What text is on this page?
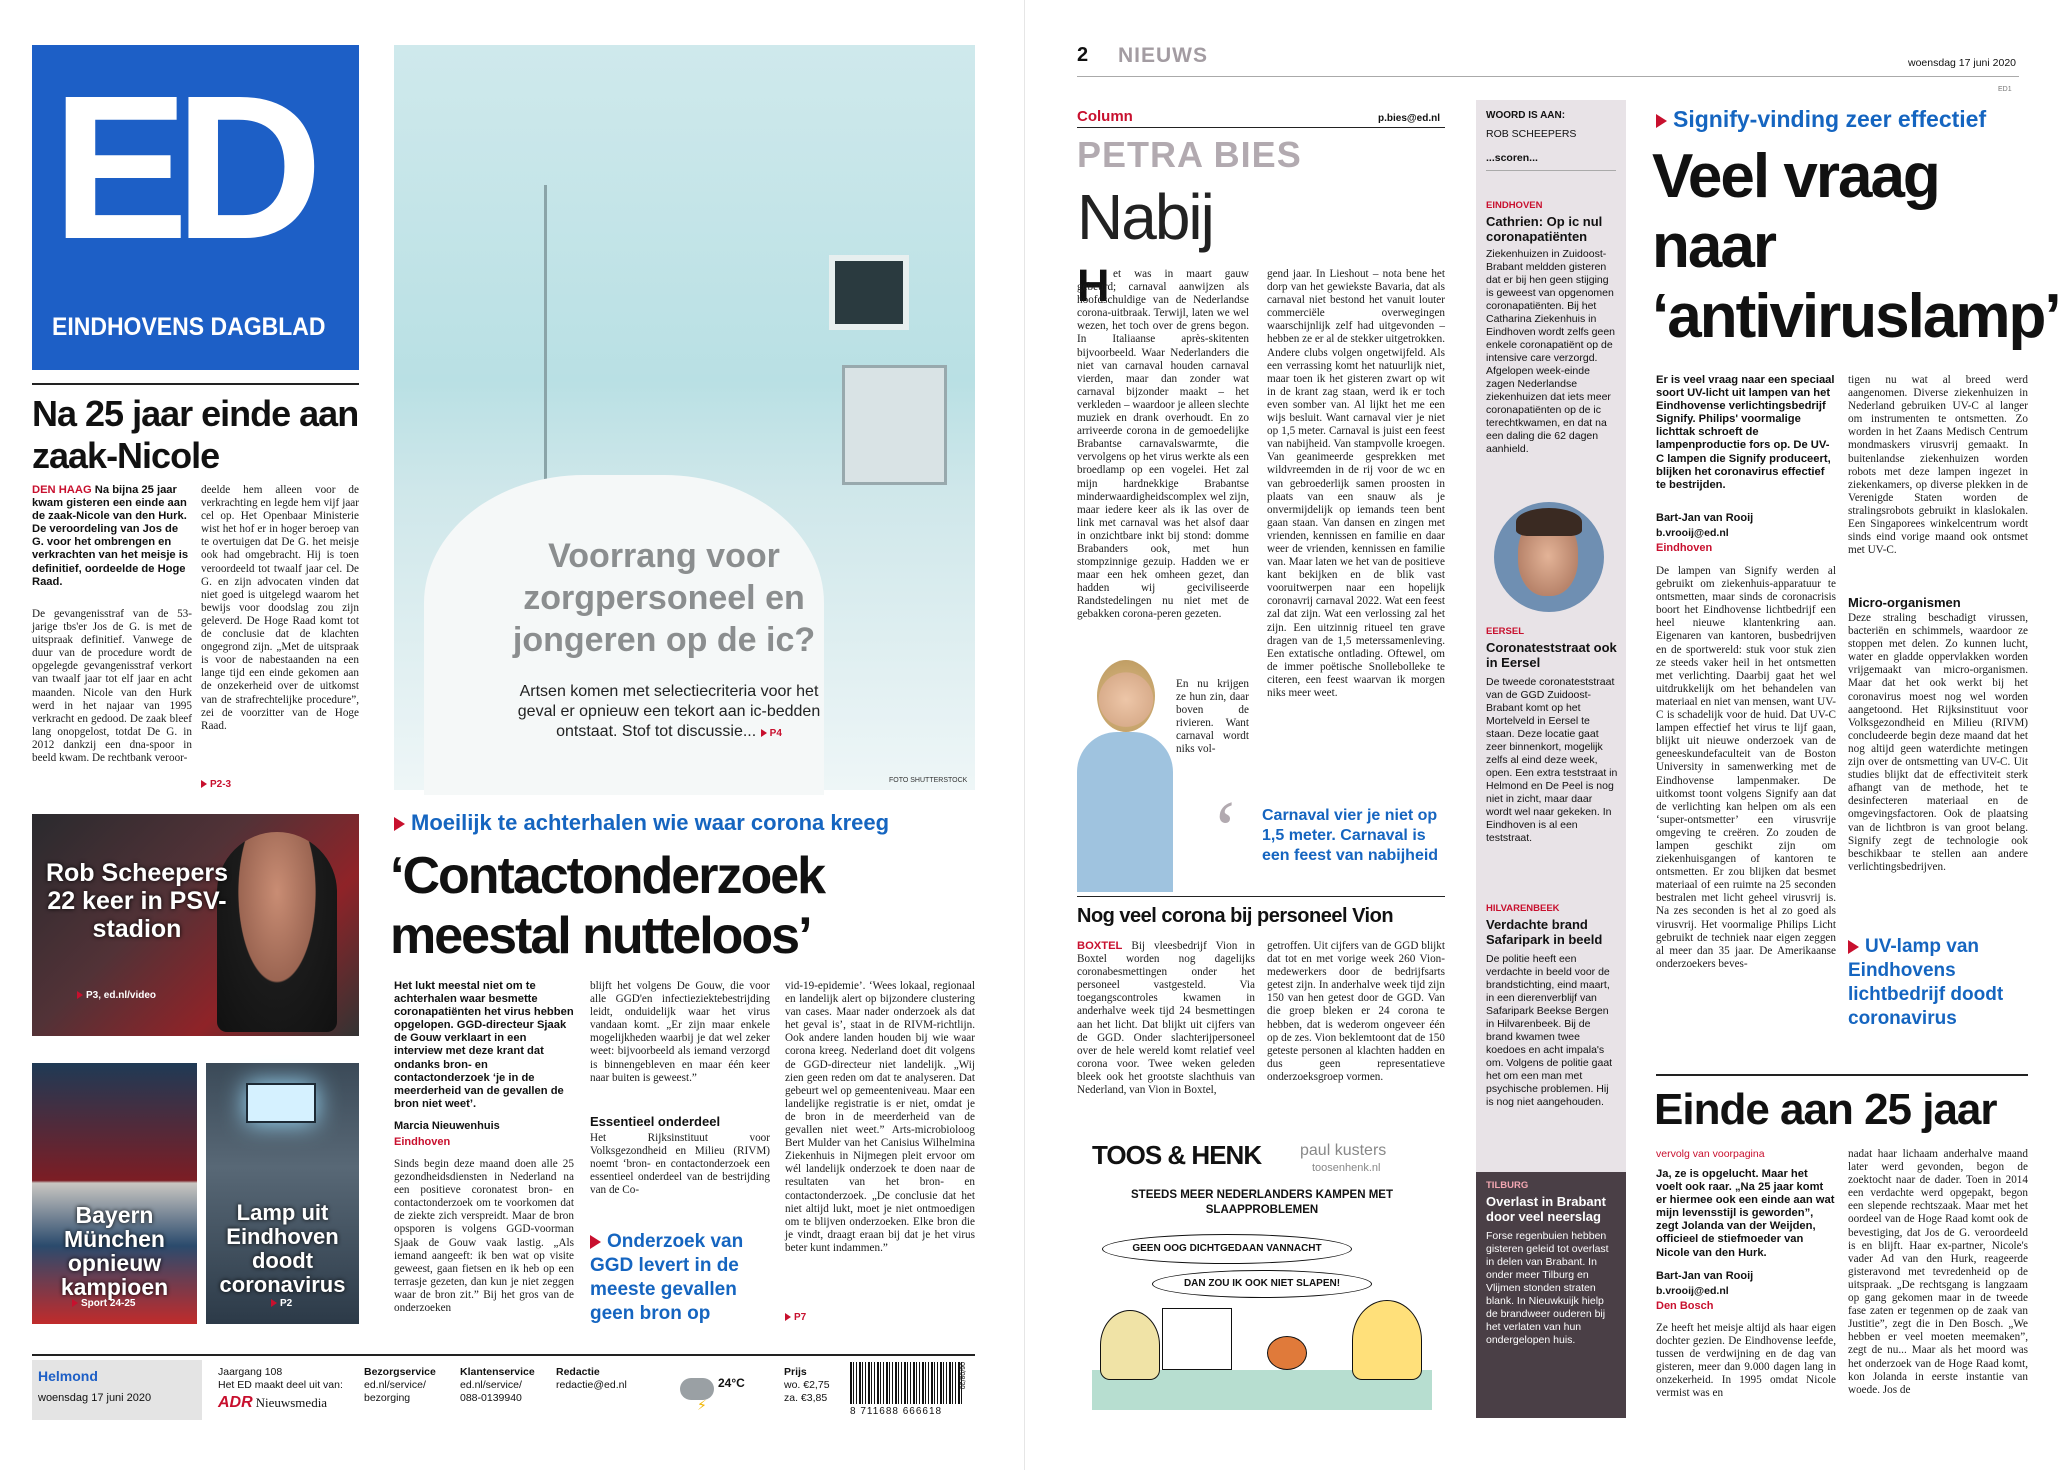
ED
EINDHOVENS DAGBLAD
Na 25 jaar einde aan zaak-Nicole
DEN HAAG Na bijna 25 jaar kwam gisteren een einde aan de zaak-Nicole van den Hurk. De veroordeling van Jos de G. voor het ombrengen en verkrachten van het meisje is definitief, oordeelde de Hoge Raad.
De gevangenisstraf van de 53-jarige tbs'er Jos de G. is met de uitspraak definitief. Vanwege de duur van de procedure wordt de opgelegde gevangenisstraf verkort van twaalf jaar tot elf jaar en acht maanden. Nicole van den Hurk werd in het najaar van 1995 verkracht en gedood. De zaak bleef lang onopgelost, totdat De G. in 2012 dankzij een dna-spoor in beeld kwam. De rechtbank veroor-
deelde hem alleen voor de verkrachting en legde hem vijf jaar cel op. Het Openbaar Ministerie wist het hof er in hoger beroep van te overtuigen dat De G. het meisje ook had omgebracht. Hij is toen veroordeeld tot twaalf jaar cel. De G. en zijn advocaten vinden dat niet goed is uitgelegd waarom het bewijs voor doodslag zou zijn geleverd. De Hoge Raad komt tot de conclusie dat de klachten ongegrond zijn. „Met de uitspraak is voor de nabestaanden na een lange tijd een einde gekomen aan de onzekerheid over de uitkomst van de strafrechtelijke procedure”, zei de voorzitter van de Hoge Raad.
P2-3
Rob Scheepers 22 keer in PSV-stadion
P3, ed.nl/video
Bayern München opnieuw kampioen
Sport 24-25
Lamp uit Eindhoven doodt coronavirus
P2
Voorrang voor zorgpersoneel en jongeren op de ic?
Artsen komen met selectiecriteria voor het geval er opnieuw een tekort aan ic-bedden ontstaat. Stof tot discussie... P4
FOTO SHUTTERSTOCK
Moeilijk te achterhalen wie waar corona kreeg
‘Contactonderzoek meestal nutteloos’
Het lukt meestal niet om te achterhalen waar besmette coronapatiënten het virus hebben opgelopen. GGD-directeur Sjaak de Gouw verklaart in een interview met deze krant dat ondanks bron- en contactonderzoek ‘je in de meerderheid van de gevallen de bron niet weet’.
Marcia Nieuwenhuis
Eindhoven
Sinds begin deze maand doen alle 25 gezondheidsdiensten in Nederland na een positieve coronatest bron- en contactonderzoek om te voorkomen dat de ziekte zich verspreidt. Maar de bron opsporen is volgens GGD-voorman Sjaak de Gouw vaak lastig. „Als iemand aangeeft: ik ben wat op visite geweest, gaan fietsen en ik heb op een terrasje gezeten, dan kun je niet zeggen waar de bron zit.” Bij het gros van de onderzoeken
blijft het volgens De Gouw, die voor alle GGD'en infectieziektebestrijding leidt, onduidelijk waar het virus vandaan komt. „Er zijn maar enkele mogelijkheden waarbij je dat wel zeker weet: bijvoorbeeld als iemand verzorgd is binnengebleven en maar één keer naar buiten is geweest.”
Essentieel onderdeel
Het Rijksinstituut voor Volksgezondheid en Milieu (RIVM) noemt ‘bron- en contactonderzoek een essentieel onderdeel van de bestrijding van de Co-
Onderzoek van GGD levert in de meeste gevallen geen bron op
vid-19-epidemie’. ‘Wees lokaal, regionaal en landelijk alert op bijzondere clustering van cases. Maar nader onderzoek als dat het geval is’, staat in de RIVM-richtlijn. Ook andere landen houden bij wie waar corona kreeg. Nederland doet dit volgens de GGD-directeur niet landelijk. „Wij zien geen reden om dat te analyseren. Dat gebeurt wel op gemeenteniveau. Maar een landelijke registratie is er niet, omdat je de bron in de meerderheid van de gevallen niet weet.” Arts-microbioloog Bert Mulder van het Canisius Wilhelmina Ziekenhuis in Nijmegen pleit ervoor om wél landelijk onderzoek te doen naar de resultaten van het bron- en contactonderzoek. „De conclusie dat het niet altijd lukt, moet je niet ontmoedigen om te blijven onderzoeken. Elke bron die je vindt, draagt eraan bij dat je het virus beter kunt indammen.”
P7
Helmond
woensdag 17 juni 2020
Jaargang 108
Het ED maakt deel uit van:
ADR Nieuwsmedia
Bezorgservice
ed.nl/service/
bezorging
Klantenservice
ed.nl/service/
088-0139940
Redactie
redactie@ed.nl
⚡
24°C
Prijs
wo. €2,75
za. €3,85
8 711688 666618
06/08/20
2 NIEUWS	woensdag 17 juni 2020
ED1
Column	p.bies@ed.nl
PETRA BIES
Nabij
H et was in maart gauw gebeurd; carnaval aanwijzen als hoofdschuldige van de Nederlandse corona-uitbraak. Terwijl, laten we wel wezen, het toch over de grens begon. In Italiaanse après-skitenten bijvoorbeeld. Waar Nederlanders die niet van carnaval houden carnaval vierden, maar dan zonder wat carnaval bijzonder maakt – het verkleden – waardoor je alleen slechte muziek en drank overhoudt. En zo arriveerde corona in de gemoedelijke Brabantse carnavalswarmte, die vervolgens op het virus werkte als een broedlamp op een vogelei. Het zal mijn hardnekkige Brabantse minderwaardigheidscomplex wel zijn, maar iedere keer als ik las over de link met carnaval was het alsof daar in onzichtbare inkt bij stond: domme Brabanders ook, met hun stompzinnige gezuip. Hadden we er maar een hek omheen gezet, dan hadden wij geciviliseerde Randstedelingen nu niet met de gebakken corona-peren gezeten.
En nu krijgen ze hun zin, daar boven de rivieren. Want carnaval wordt niks vol-
gend jaar. In Lieshout – nota bene het dorp van het gewiekste Bavaria, dat als carnaval niet bestond het vanuit louter commerciële overwegingen waarschijnlijk zelf had uitgevonden – hebben ze er al de stekker uitgetrokken. Andere clubs volgen ongetwijfeld. Als een verrassing komt het natuurlijk niet, maar toen ik het gisteren zwart op wit in de krant zag staan, werd ik er toch even somber van. Al lijkt het me een wijs besluit. Want carnaval vier je niet op 1,5 meter. Carnaval is juist een feest van nabijheid. Van stampvolle kroegen. Van geanimeerde gesprekken met wildvreemden in de rij voor de wc en van gebroederlijk samen proosten in plaats van een snauw als je onvermijdelijk op iemands teen bent gaan staan. Van dansen en zingen met vrienden, kennissen en familie en daar weer de vrienden, kennissen en familie van. Maar laten we het van de positieve kant bekijken en de blik vast vooruitwerpen naar een hopelijk coronavrij carnaval 2022. Wat een feest zal dat zijn. Wat een verlossing zal het zijn. Een uitzinnig ritueel ten grave dragen van de 1,5 meterssamenleving. Een extatische ontlading. Oftewel, om de immer poëtische Snollebolleke te citeren, een feest waarvan ik morgen niks meer weet.
‘ Carnaval vier je niet op 1,5 meter. Carnaval is een feest van nabijheid
WOORD IS AAN:
ROB SCHEEPERS
...scoren...
EINDHOVEN
Cathrien: Op ic nul coronapatiënten
Ziekenhuizen in Zuidoost-Brabant meldden gisteren dat er bij hen geen stijging is geweest van opgenomen coronapatiënten. Bij het Catharina Ziekenhuis in Eindhoven wordt zelfs geen enkele coronapatiënt op de intensive care verzorgd. Afgelopen week-einde zagen Nederlandse ziekenhuizen dat iets meer coronapatiënten op de ic terechtkwamen, en dat na een daling die 62 dagen aanhield.
EERSEL
Coronateststraat ook in Eersel
De tweede coronateststraat van de GGD Zuidoost-Brabant komt op het Mortelveld in Eersel te staan. Deze locatie gaat zeer binnenkort, mogelijk zelfs al eind deze week, open. Een extra teststraat in Helmond en De Peel is nog niet in zicht, maar daar wordt wel naar gekeken. In Eindhoven is al een teststraat.
HILVARENBEEK
Verdachte brand Safaripark in beeld
De politie heeft een verdachte in beeld voor de brandstichting, eind maart, in een dierenverblijf van Safaripark Beekse Bergen in Hilvarenbeek. Bij de brand kwamen twee koedoes en acht impala's om. Volgens de politie gaat het om een man met psychische problemen. Hij is nog niet aangehouden.
TILBURG
Overlast in Brabant door veel neerslag
Forse regenbuien hebben gisteren geleid tot overlast in delen van Brabant. In onder meer Tilburg en Vlijmen stonden straten blank. In Nieuwkuijk hielp de brandweer ouderen bij het verlaten van hun ondergelopen huis.
Nog veel corona bij personeel Vion
BOXTEL Bij vleesbedrijf Vion in Boxtel worden nog dagelijks coronabesmettingen onder het personeel vastgesteld. Via toegangscontroles kwamen in anderhalve week tijd 24 besmettingen aan het licht. Dat blijkt uit cijfers van de GGD. Onder slachterijpersoneel over de hele wereld komt relatief veel corona voor. Twee weken geleden bleek ook het grootste slachthuis van Nederland, van Vion in Boxtel,
getroffen. Uit cijfers van de GGD blijkt dat tot en met vorige week 260 Vion-medewerkers door de bedrijfsarts getest zijn. In anderhalve week tijd zijn 150 van hen getest door de GGD. Van die groep bleken er 24 corona te hebben, dat is wederom ongeveer één op de zes. Vion beklemtoont dat de 150 geteste personen al klachten hadden en dus geen representatieve onderzoeksgroep vormen.
TOOS & HENK paul kusters
toosenhenk.nl
STEEDS MEER NEDERLANDERS KAMPEN MET SLAAPPROBLEMEN
GEEN OOG DICHTGEDAAN VANNACHT
DAN ZOU IK OOK NIET SLAPEN!
Signify-vinding zeer effectief
Veel vraag naar ‘antiviruslamp’
Er is veel vraag naar een speciaal soort UV-licht uit lampen van het Eindhovense verlichtingsbedrijf Signify. Philips' voormalige lichttak schroeft de lampenproductie fors op. De UV-C lampen die Signify produceert, blijken het coronavirus effectief te bestrijden.
Bart-Jan van Rooij
b.vrooij@ed.nl
Eindhoven
De lampen van Signify werden al gebruikt om ziekenhuis-apparatuur te ontsmetten, maar sinds de coronacrisis boort het Eindhovense lichtbedrijf een heel nieuwe klantenkring aan. Eigenaren van kantoren, busbedrijven en de sportwereld: stuk voor stuk zien ze steeds vaker heil in het ontsmetten met verlichting. Daarbij gaat het wel uitdrukkelijk om het behandelen van materiaal en niet van mensen, want UV-C is schadelijk voor de huid. Dat UV-C lampen effectief het virus te lijf gaan, blijkt uit nieuwe onderzoek van de geneeskundefaculteit van de Boston University in samenwerking met de Eindhovense lampenmaker. De uitkomst toont volgens Signify aan dat de verlichting kan helpen om als een ‘super-ontsmetter’ een virusvrije omgeving te creëren. Zo zouden de lampen geschikt zijn om ziekenhuisgangen of kantoren te ontsmetten. Er zou blijken dat besmet materiaal of een ruimte na 25 seconden bestralen met licht geheel virusvrij is. Na zes seconden is het al zo goed als virusvrij. Het voormalige Philips Licht gebruikt de techniek naar eigen zeggen al meer dan 35 jaar. De Amerikaanse onderzoekers beves-
tigen nu wat al breed werd aangenomen. Diverse ziekenhuizen in Nederland gebruiken UV-C al langer om instrumenten te ontsmetten. Zo worden in het Zaans Medisch Centrum mondmaskers virusvrij gemaakt. In buitenlandse ziekenhuizen worden robots met deze lampen ingezet in ziekenkamers, op diverse plekken in de Verenigde Staten worden de stralingsrobots gebruikt in klaslokalen. Een Singaporees winkelcentrum wordt sinds eind vorige maand ook ontsmet met UV-C.
Micro-organismen
Deze straling beschadigt virussen, bacteriën en schimmels, waardoor ze stoppen met delen. Zo kunnen lucht, water en gladde oppervlakken worden vrijgemaakt van micro-organismen. Maar dat het ook werkt bij het coronavirus moest nog wel worden aangetoond. Het Rijksinstituut voor Volksgezondheid en Milieu (RIVM) concludeerde begin deze maand dat het nog altijd geen waterdichte metingen zijn over de ontsmetting van UV-C. Uit studies blijkt dat de effectiviteit sterk afhangt van de methode, het te desinfecteren materiaal en de omgevingsfactoren. Ook de plaatsing van de lichtbron is van groot belang. Signify zegt de technologie ook beschikbaar te stellen aan andere verlichtingsbedrijven.
UV-lamp van Eindhovens lichtbedrijf doodt coronavirus
Einde aan 25 jaar
vervolg van voorpagina
Ja, ze is opgelucht. Maar het voelt ook raar. „Na 25 jaar komt er hiermee ook een einde aan wat mijn levensstijl is geworden”, zegt Jolanda van der Weijden, officieel de stiefmoeder van Nicole van den Hurk.
Bart-Jan van Rooij
b.vrooij@ed.nl
Den Bosch
Ze heeft het meisje altijd als haar eigen dochter gezien. De Eindhovense leefde, tussen de verdwijning en de dag van gisteren, meer dan 9.000 dagen lang in onzekerheid. In 1995 omdat Nicole vermist was en
nadat haar lichaam anderhalve maand later werd gevonden, begon de zoektocht naar de dader. Toen in 2014 een verdachte werd opgepakt, begon een slepende rechtszaak. Maar met het oordeel van de Hoge Raad komt ook de bevestiging, dat Jos de G. veroordeeld is en blijft. Haar ex-partner, Nicole's vader Ad van den Hurk, reageerde gisteravond met tevredenheid op de uitspraak. „De rechtsgang is langzaam op gang gekomen maar in de tweede fase zaten er tegenmen op de zaak van Justitie”, zegt die in Den Bosch. „We hebben er veel moeten meemaken”, zegt de nu... Maar als het moord was het onderzoek van de Hoge Raad komt, kon Jolanda in eerste instantie van woede. Jos de
